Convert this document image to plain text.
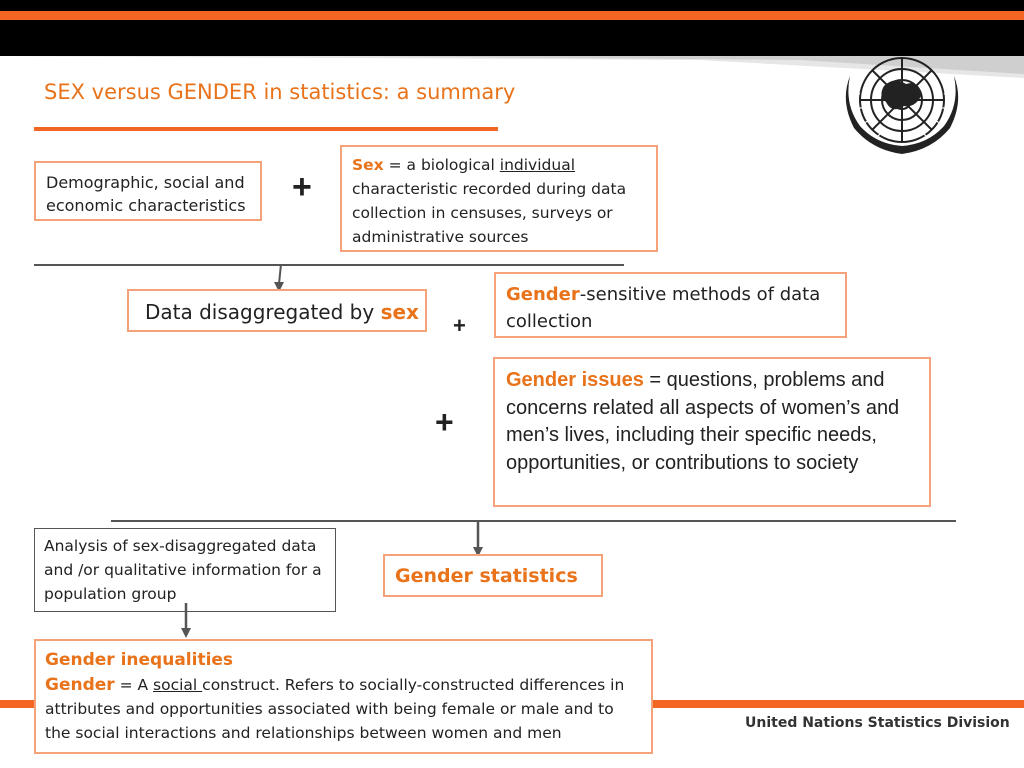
SEX versus GENDER in statistics: a summary
Demographic, social and economic characteristics +
Sex = a biological individual characteristic recorded during data collection in censuses, surveys or administrative sources
Data disaggregated by sex
+
Gender-sensitive methods of data collection
+
Gender issues = questions, problems and concerns related all aspects of women’s and men’s lives, including their specific needs, opportunities, or contributions to society
Analysis of sex-disaggregated data and /or qualitative information for a population group
Gender statistics
Gender inequalities
Gender = A social construct. Refers to socially-constructed differences in attributes and opportunities associated with being female or male and to the social interactions and relationships between women and men
United Nations Statistics Division
